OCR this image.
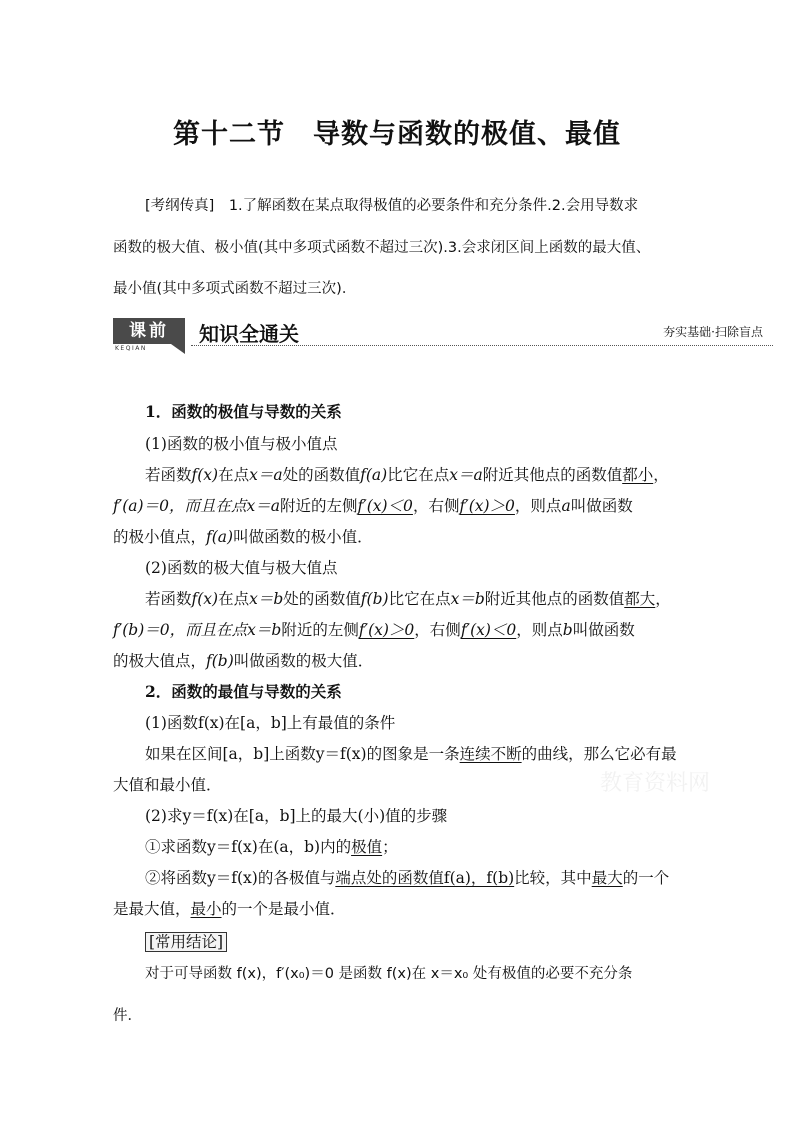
第十二节　导数与函数的极值、最值
[考纲传真]　1.了解函数在某点取得极值的必要条件和充分条件.2.会用导数求
函数的极大值、极小值(其中多项式函数不超过三次).3.会求闭区间上函数的最大值、
最小值(其中多项式函数不超过三次)．
课前
KEQIAN
知识全通关	夯实基础·扫除盲点
1．函数的极值与导数的关系
(1)函数的极小值与极小值点
若函数f(x)在点x＝a处的函数值f(a)比它在点x＝a附近其他点的函数值都小，
f′(a)＝0，而且在点x＝a附近的左侧f′(x)＜0，右侧f′(x)＞0，则点a叫做函数
的极小值点，f(a)叫做函数的极小值．
(2)函数的极大值与极大值点
若函数f(x)在点x＝b处的函数值f(b)比它在点x＝b附近其他点的函数值都大，
f′(b)＝0，而且在点x＝b附近的左侧f′(x)＞0，右侧f′(x)＜0，则点b叫做函数
的极大值点，f(b)叫做函数的极大值．
2．函数的最值与导数的关系
(1)函数f(x)在[a，b]上有最值的条件
如果在区间[a，b]上函数y＝f(x)的图象是一条连续不断的曲线，那么它必有最
大值和最小值．
(2)求y＝f(x)在[a，b]上的最大(小)值的步骤
①求函数y＝f(x)在(a，b)内的极值；
②将函数y＝f(x)的各极值与端点处的函数值f(a)，f(b)比较，其中最大的一个
是最大值，最小的一个是最小值．
[常用结论]
对于可导函数 f(x)，f′(x₀)＝0 是函数 f(x)在 x＝x₀ 处有极值的必要不充分条
件．
教育资料网
